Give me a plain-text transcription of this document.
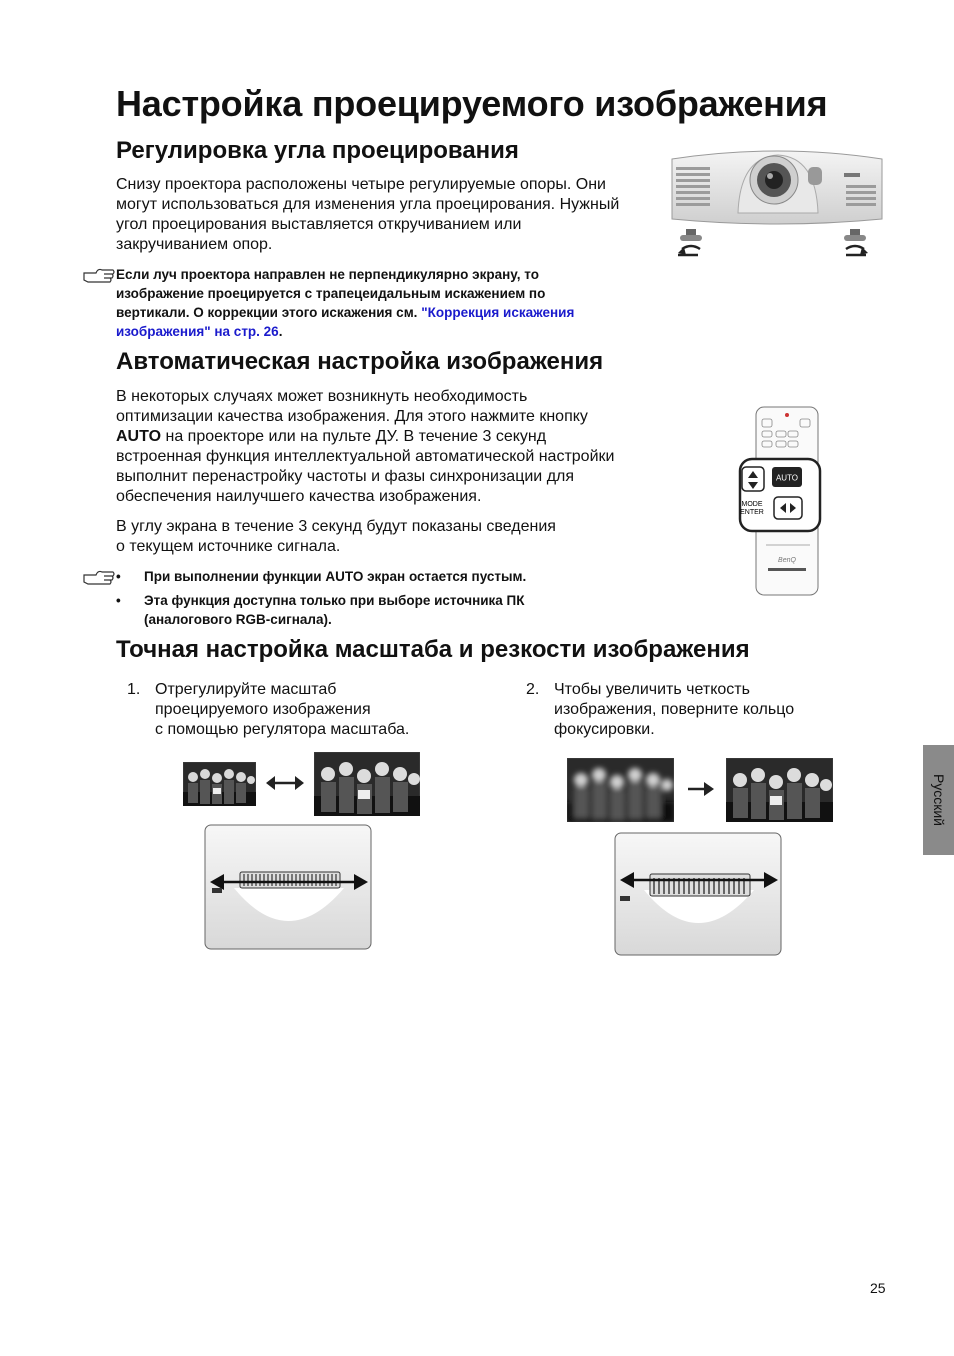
Настройка проецируемого изображения
Регулировка угла проецирования

Снизу проектора расположены четыре регулируемые опоры. Они
могут использоваться для изменения угла проецирования. Нужный
угол проецирования выставляется откручиванием или
закручиванием опор.

Если луч проектора направлен не перпендикулярно экрану, то
изображение проецируется с трапецеидальным искажением по
вертикали. О коррекции этого искажения см. "Коррекция искажения
изображения" на стр. 26.

Автоматическая настройка изображения

В некоторых случаях может возникнуть необходимость
оптимизации качества изображения. Для этого нажмите кнопку
AUTO на проекторе или на пульте ДУ. В течение 3 секунд
встроенная функция интеллектуальной автоматической настройки
выполнит перенастройку частоты и фазы синхронизации для
обеспечения наилучшего качества изображения.

В углу экрана в течение 3 секунд будут показаны сведения
о текущем источнике сигнала.

AUTO
MODE
ENTER
BenQ
• При выполнении функции AUTO экран остается пустым.
• Эта функция доступна только при выборе источника ПК
(аналогового RGB-сигнала).
Точная настройка масштаба и резкости изображения
1. Отрегулируйте масштаб
проецируемого изображения
с помощью регулятора масштаба.
2. Чтобы увеличить четкость
изображения, поверните кольцо
фокусировки.
Русский
25
